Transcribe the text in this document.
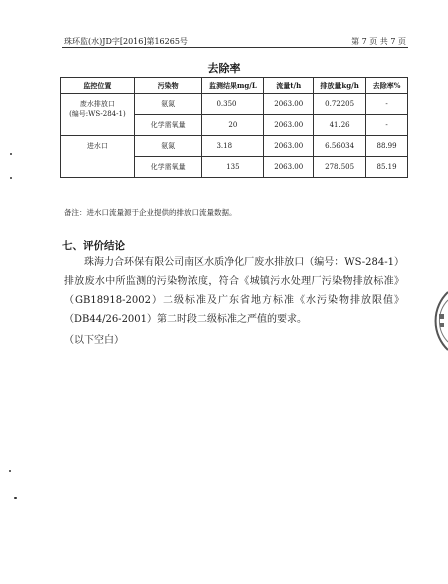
珠环监(水)JD字[2016]第16265号	第 7 页 共 7 页
去除率
监控位置	污染物	监测结果mg/L	流量t/h	排放量kg/h	去除率%
废水排放口
(编号:WS-284-1)	氨氮	0.350	2063.00	0.72205	-
	化学需氧量	20	2063.00	41.26	-
进水口	氨氮	3.18	2063.00	6.56034	88.99
	化学需氧量	135	2063.00	278.505	85.19
备注：进水口流量源于企业提供的排放口流量数据。
七、评价结论
珠海力合环保有限公司南区水质净化厂废水排放口（编号：WS-284-1）排放废水中所监测的污染物浓度，符合《城镇污水处理厂污染物排放标准》（GB18918-2002）二级标准及广东省地方标准《水污染物排放限值》（DB44/26-2001）第二时段二级标准之严值的要求。
（以下空白）
